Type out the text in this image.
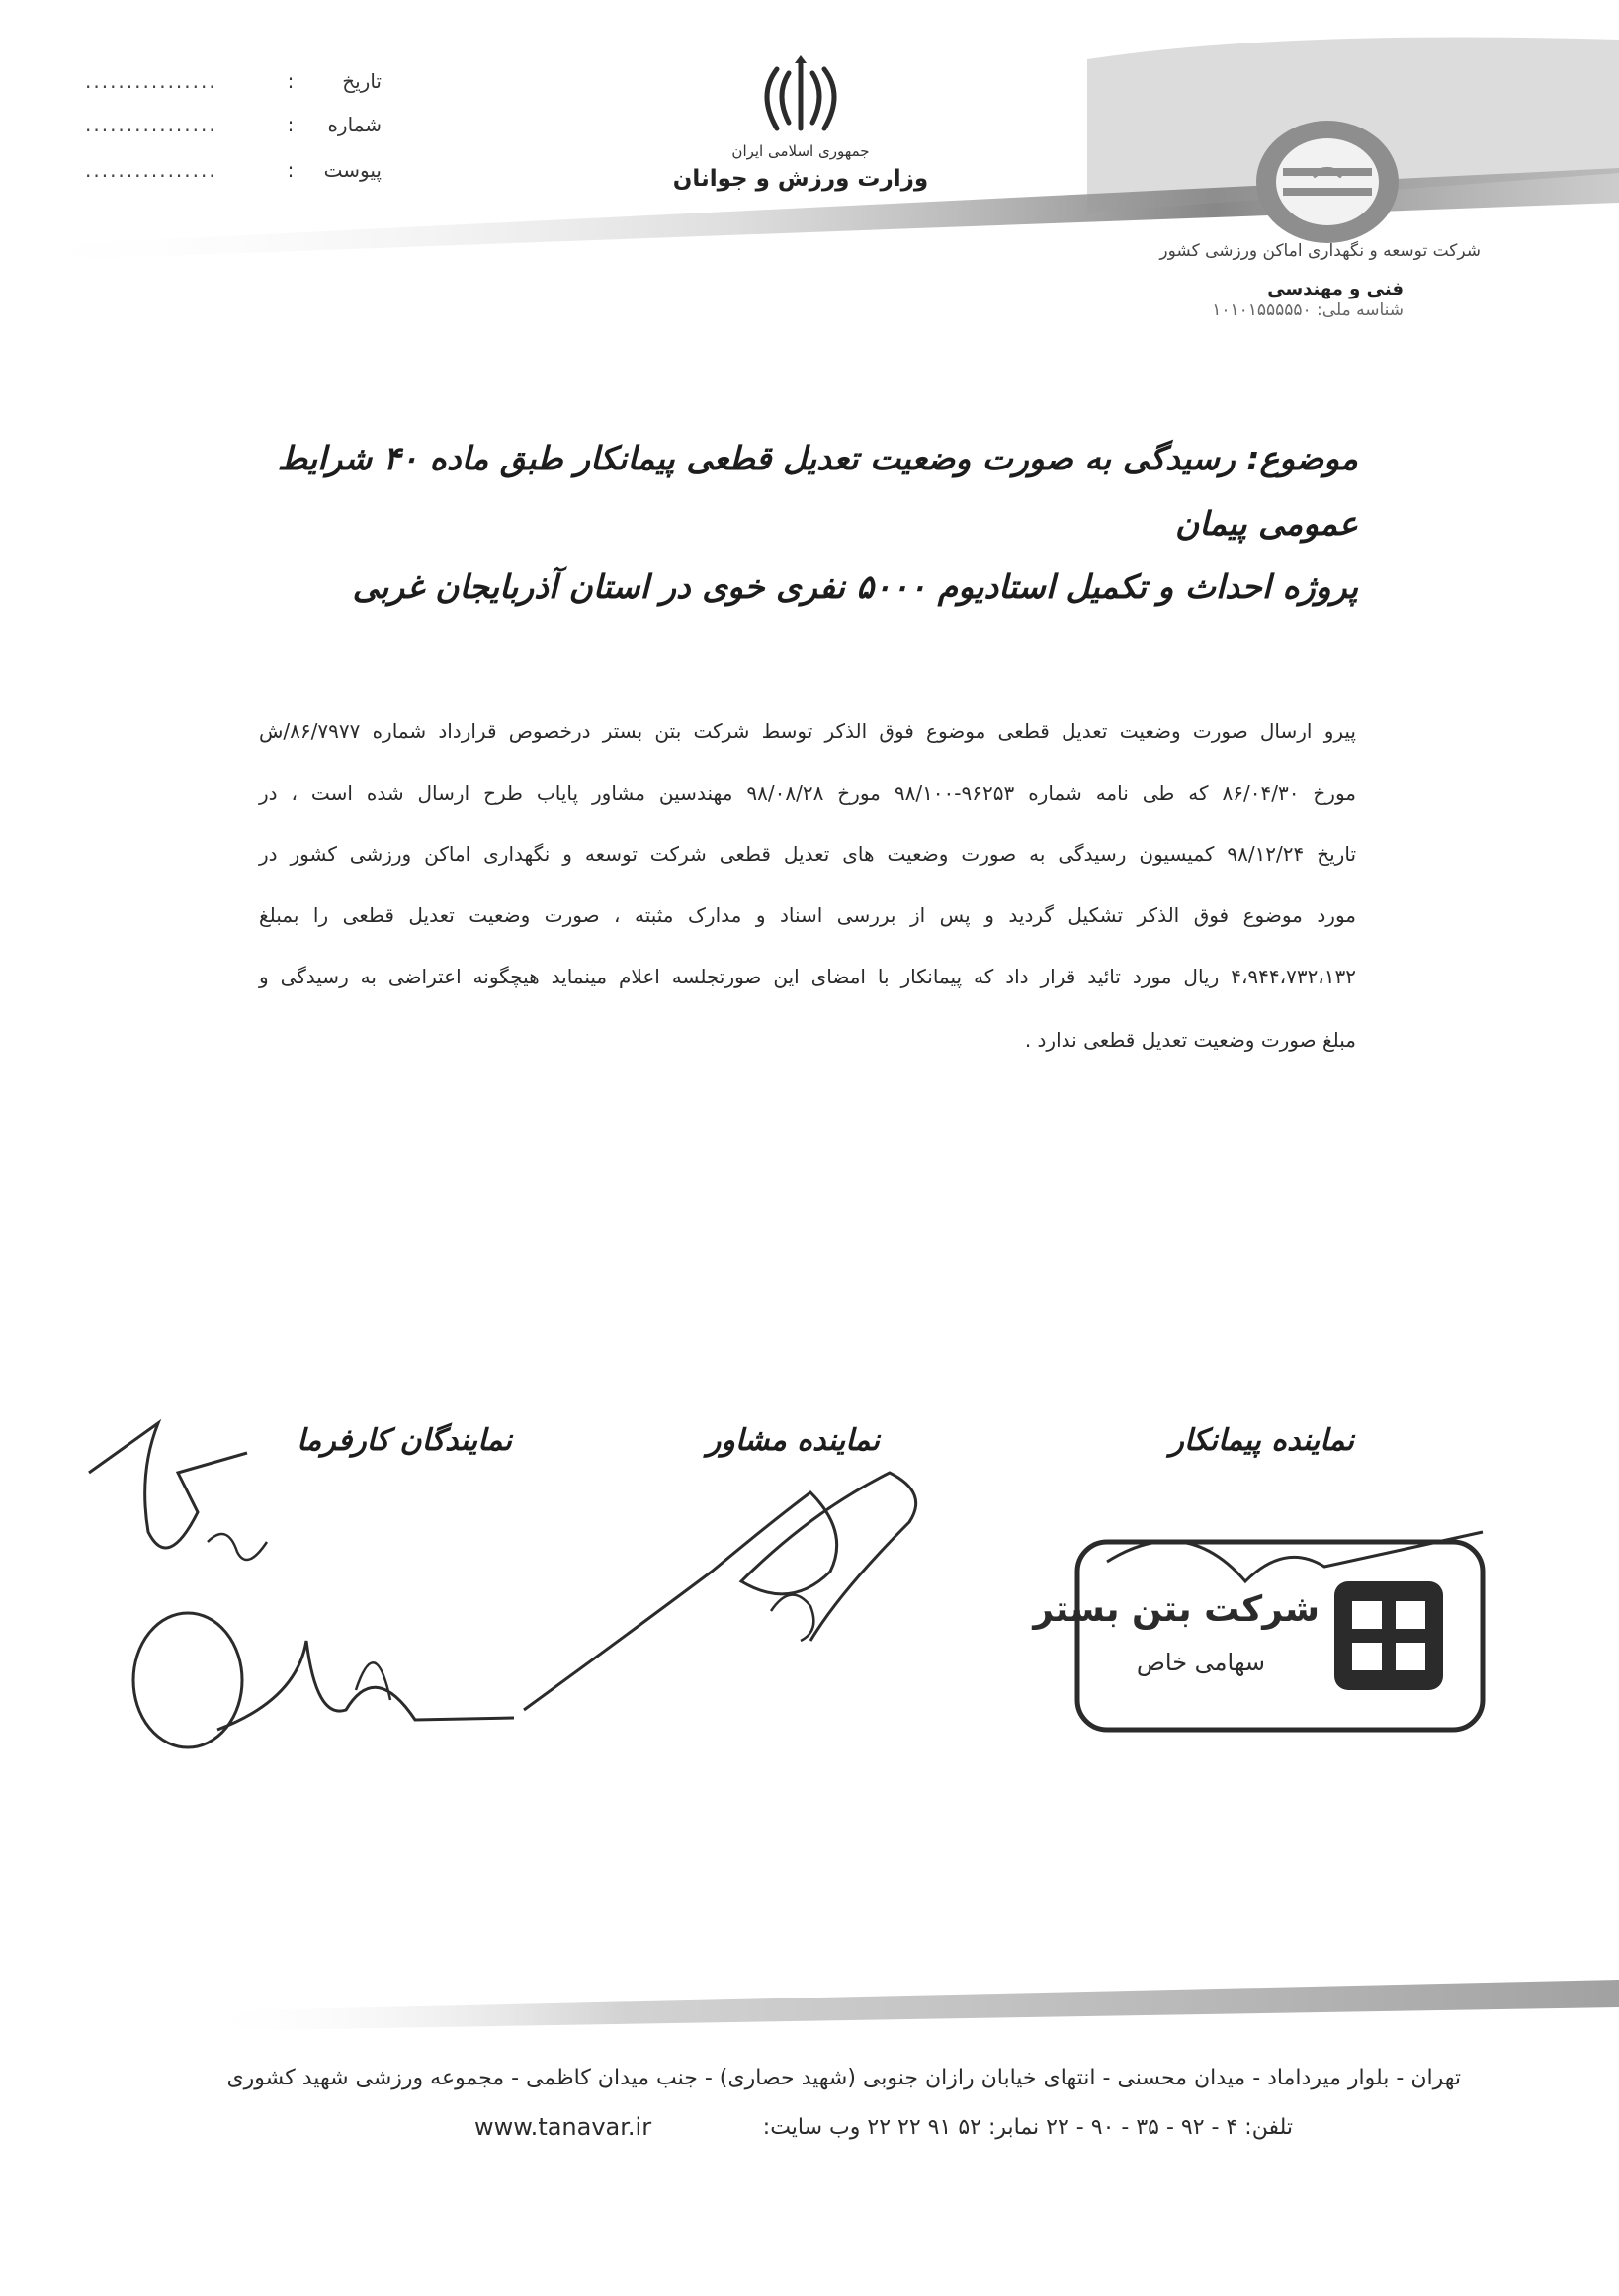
تاریخ
:
................
شماره
:
................
پیوست
:
................
جمهوری اسلامی ایران
وزارت ورزش و جوانان
شرکت توسعه و نگهداری اماکن ورزشی کشور
فنی و مهندسی
شناسه ملی: ۱۰۱۰۱۵۵۵۵۵۰
موضوع: رسیدگی به صورت وضعیت تعدیل قطعی پیمانکار طبق ماده ۴۰ شرایط
عمومی پیمان
پروژه احداث و تکمیل استادیوم ۵۰۰۰ نفری خوی در استان آذربایجان غربی
پیرو ارسال صورت وضعیت تعدیل قطعی موضوع فوق الذکر توسط شرکت بتن بستر درخصوص قرارداد شماره ۸۶/۷۹۷۷/ش
مورخ ۸۶/۰۴/۳۰ که طی نامه شماره ۹۶۲۵۳-۹۸/۱۰۰ مورخ ۹۸/۰۸/۲۸ مهندسین مشاور پایاب طرح ارسال شده است ، در
تاریخ ۹۸/۱۲/۲۴ کمیسیون رسیدگی به صورت وضعیت های تعدیل قطعی شرکت توسعه و نگهداری اماکن ورزشی کشور در
مورد موضوع فوق الذکر تشکیل گردید و پس از بررسی اسناد و مدارک مثبته ، صورت وضعیت تعدیل قطعی را بمبلغ
۴،۹۴۴،۷۳۲،۱۳۲ ریال مورد تائید قرار داد که پیمانکار با امضای این صورتجلسه اعلام مینماید هیچگونه اعتراضی به رسیدگی و
مبلغ صورت وضعیت تعدیل قطعی ندارد .
نماینده پیمانکار
نماینده مشاور
نمایندگان کارفرما
شرکت بتن بستر
سهامی خاص
تهران - بلوار میرداماد - میدان محسنی - انتهای خیابان رازان جنوبی (شهید حصاری) - جنب میدان کاظمی - مجموعه ورزشی شهید کشوری
تلفن: ۴ - ۹۲ - ۳۵ - ۹۰ - ۲۲ نمابر: ۵۲ ۹۱ ۲۲ ۲۲ وب سایت:
www.tanavar.ir
